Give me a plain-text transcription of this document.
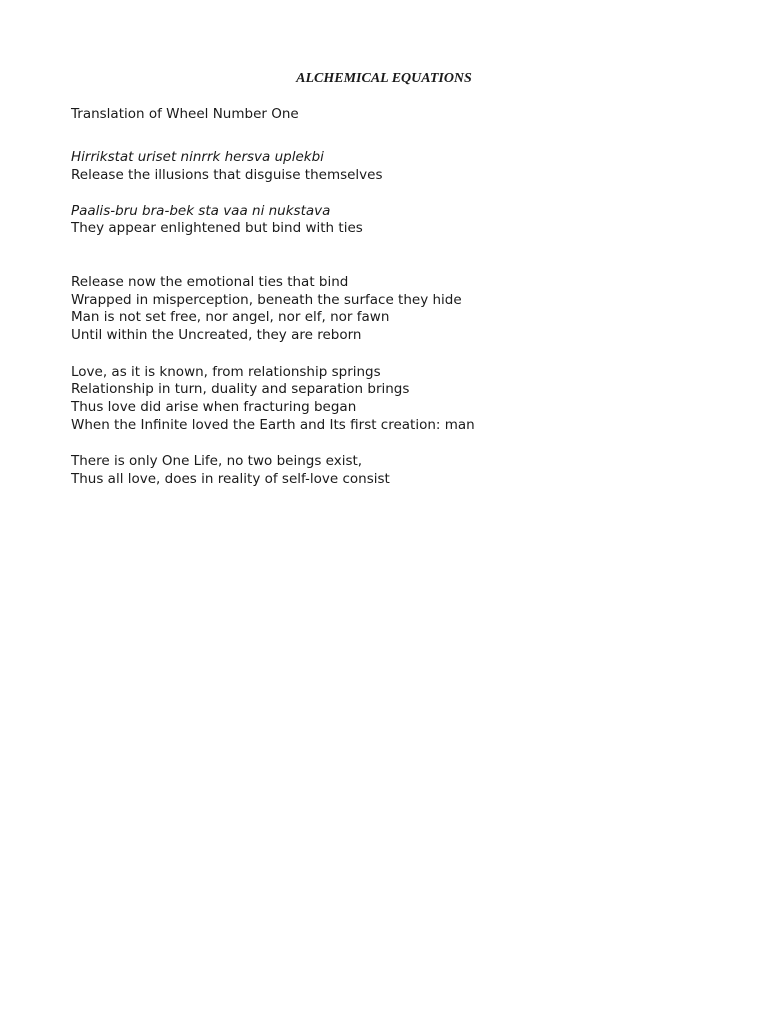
ALCHEMICAL EQUATIONS
Translation of Wheel Number One
Hirrikstat uriset ninrrk hersva uplekbi
Release the illusions that disguise themselves
Paalis-bru bra-bek sta vaa ni nukstava
They appear enlightened but bind with ties
Release now the emotional ties that bind
Wrapped in misperception, beneath the surface they hide
Man is not set free, nor angel, nor elf, nor fawn
Until within the Uncreated, they are reborn
Love, as it is known, from relationship springs
Relationship in turn, duality and separation brings
Thus love did arise when fracturing began
When the Infinite loved the Earth and Its first creation: man
There is only One Life, no two beings exist,
Thus all love, does in reality of self-love consist
